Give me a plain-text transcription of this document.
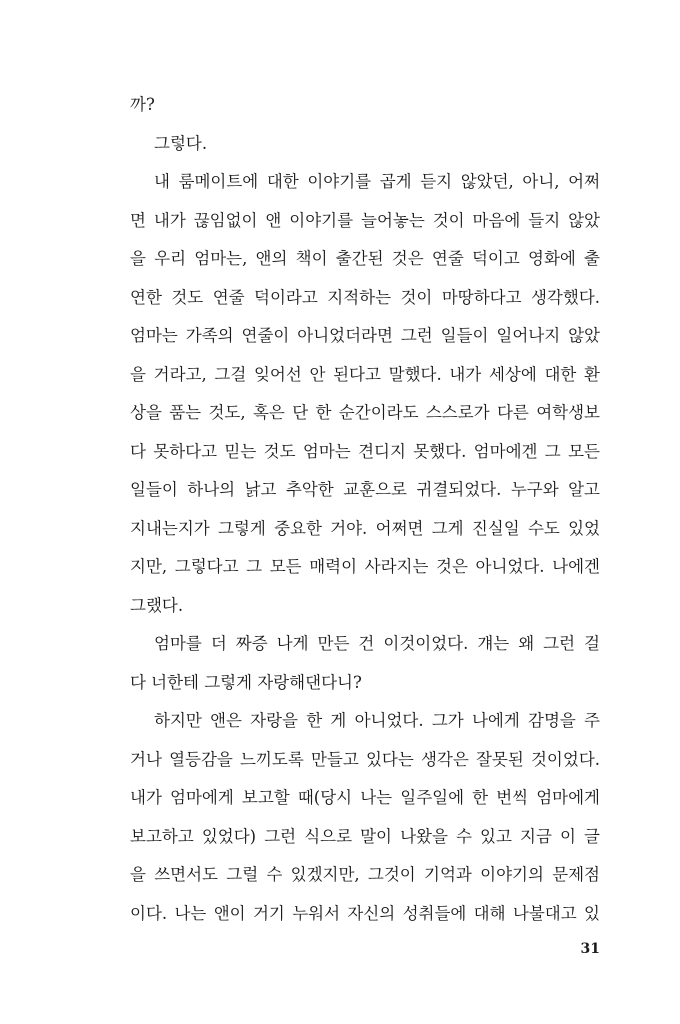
까?
그렇다.
내 룸메이트에 대한 이야기를 곱게 듣지 않았던, 아니, 어쩌
면 내가 끊임없이 앤 이야기를 늘어놓는 것이 마음에 들지 않았
을 우리 엄마는, 앤의 책이 출간된 것은 연줄 덕이고 영화에 출
연한 것도 연줄 덕이라고 지적하는 것이 마땅하다고 생각했다.
엄마는 가족의 연줄이 아니었더라면 그런 일들이 일어나지 않았
을 거라고, 그걸 잊어선 안 된다고 말했다. 내가 세상에 대한 환
상을 품는 것도, 혹은 단 한 순간이라도 스스로가 다른 여학생보
다 못하다고 믿는 것도 엄마는 견디지 못했다. 엄마에겐 그 모든
일들이 하나의 낡고 추악한 교훈으로 귀결되었다. 누구와 알고
지내는지가 그렇게 중요한 거야. 어쩌면 그게 진실일 수도 있었
지만, 그렇다고 그 모든 매력이 사라지는 것은 아니었다. 나에겐
그랬다.
엄마를 더 짜증 나게 만든 건 이것이었다. 걔는 왜 그런 걸
다 너한테 그렇게 자랑해댄다니?
하지만 앤은 자랑을 한 게 아니었다. 그가 나에게 감명을 주
거나 열등감을 느끼도록 만들고 있다는 생각은 잘못된 것이었다.
내가 엄마에게 보고할 때(당시 나는 일주일에 한 번씩 엄마에게
보고하고 있었다) 그런 식으로 말이 나왔을 수 있고 지금 이 글
을 쓰면서도 그럴 수 있겠지만, 그것이 기억과 이야기의 문제점
이다. 나는 앤이 거기 누워서 자신의 성취들에 대해 나불대고 있
31
